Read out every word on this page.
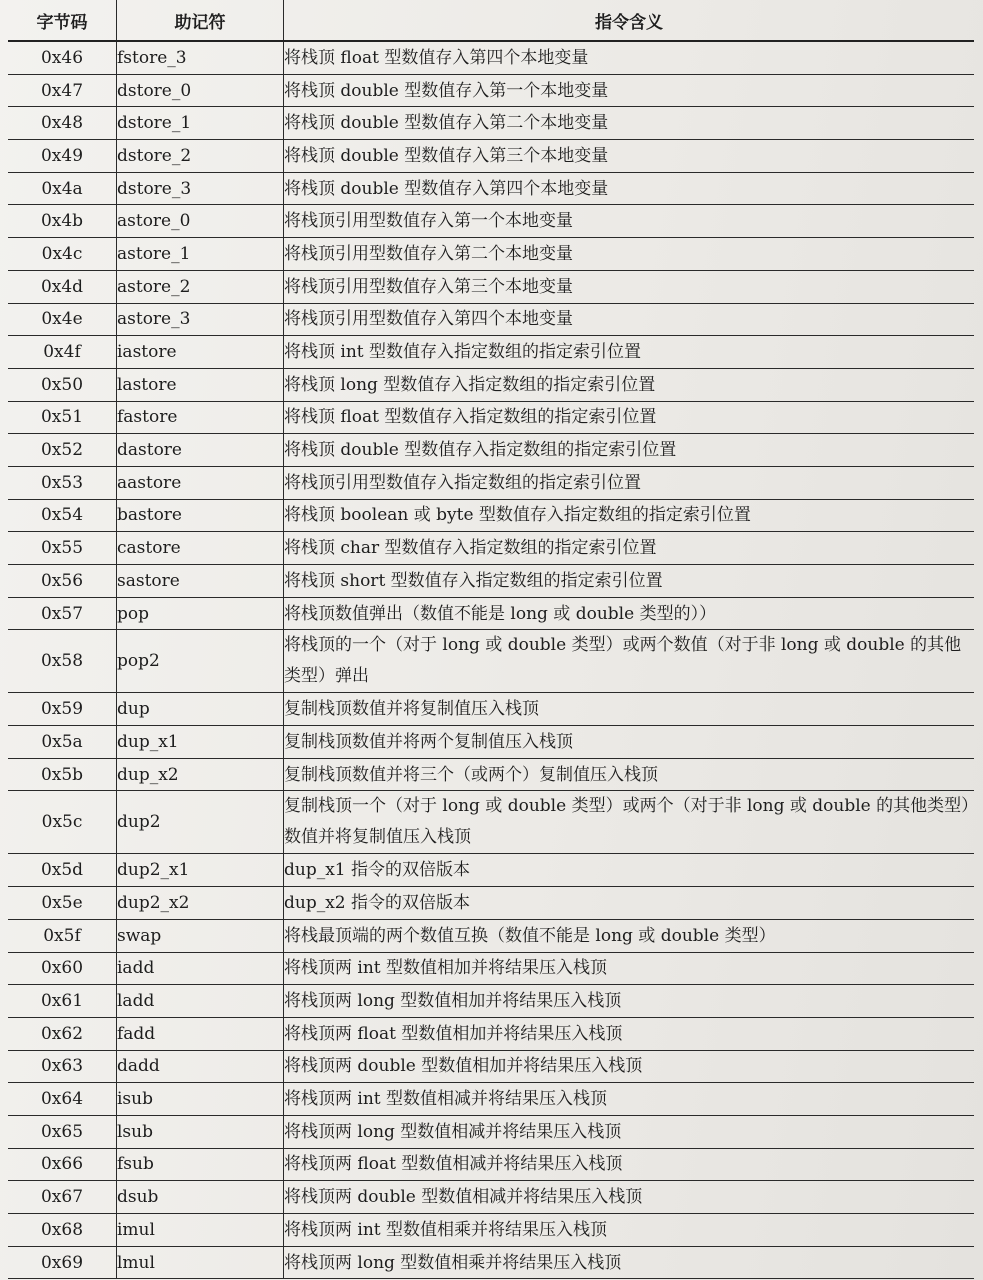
字节码	助记符	指令含义
0x46	fstore_3	将栈顶 float 型数值存入第四个本地变量
0x47	dstore_0	将栈顶 double 型数值存入第一个本地变量
0x48	dstore_1	将栈顶 double 型数值存入第二个本地变量
0x49	dstore_2	将栈顶 double 型数值存入第三个本地变量
0x4a	dstore_3	将栈顶 double 型数值存入第四个本地变量
0x4b	astore_0	将栈顶引用型数值存入第一个本地变量
0x4c	astore_1	将栈顶引用型数值存入第二个本地变量
0x4d	astore_2	将栈顶引用型数值存入第三个本地变量
0x4e	astore_3	将栈顶引用型数值存入第四个本地变量
0x4f	iastore	将栈顶 int 型数值存入指定数组的指定索引位置
0x50	lastore	将栈顶 long 型数值存入指定数组的指定索引位置
0x51	fastore	将栈顶 float 型数值存入指定数组的指定索引位置
0x52	dastore	将栈顶 double 型数值存入指定数组的指定索引位置
0x53	aastore	将栈顶引用型数值存入指定数组的指定索引位置
0x54	bastore	将栈顶 boolean 或 byte 型数值存入指定数组的指定索引位置
0x55	castore	将栈顶 char 型数值存入指定数组的指定索引位置
0x56	sastore	将栈顶 short 型数值存入指定数组的指定索引位置
0x57	pop	将栈顶数值弹出（数值不能是 long 或 double 类型的））
0x58	pop2	将栈顶的一个（对于 long 或 double 类型）或两个数值（对于非 long 或 double 的其他类型）弹出
0x59	dup	复制栈顶数值并将复制值压入栈顶
0x5a	dup_x1	复制栈顶数值并将两个复制值压入栈顶
0x5b	dup_x2	复制栈顶数值并将三个（或两个）复制值压入栈顶
0x5c	dup2	复制栈顶一个（对于 long 或 double 类型）或两个（对于非 long 或 double 的其他类型）数值并将复制值压入栈顶
0x5d	dup2_x1	dup_x1 指令的双倍版本
0x5e	dup2_x2	dup_x2 指令的双倍版本
0x5f	swap	将栈最顶端的两个数值互换（数值不能是 long 或 double 类型）
0x60	iadd	将栈顶两 int 型数值相加并将结果压入栈顶
0x61	ladd	将栈顶两 long 型数值相加并将结果压入栈顶
0x62	fadd	将栈顶两 float 型数值相加并将结果压入栈顶
0x63	dadd	将栈顶两 double 型数值相加并将结果压入栈顶
0x64	isub	将栈顶两 int 型数值相减并将结果压入栈顶
0x65	lsub	将栈顶两 long 型数值相减并将结果压入栈顶
0x66	fsub	将栈顶两 float 型数值相减并将结果压入栈顶
0x67	dsub	将栈顶两 double 型数值相减并将结果压入栈顶
0x68	imul	将栈顶两 int 型数值相乘并将结果压入栈顶
0x69	lmul	将栈顶两 long 型数值相乘并将结果压入栈顶
